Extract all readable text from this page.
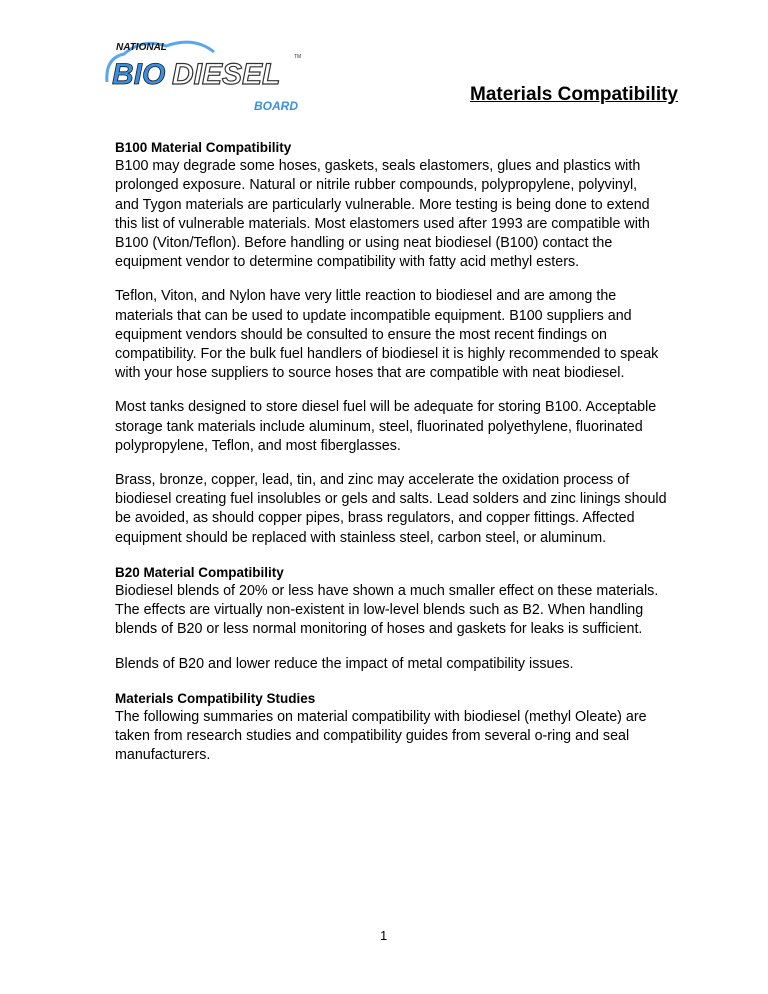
NATIONAL
BIO DIESEL
TM
BOARD
Materials Compatibility
B100 Material Compatibility
B100 may degrade some hoses, gaskets, seals elastomers, glues and plastics with
prolonged exposure. Natural or nitrile rubber compounds, polypropylene, polyvinyl,
and Tygon materials are particularly vulnerable. More testing is being done to extend
this list of vulnerable materials. Most elastomers used after 1993 are compatible with
B100 (Viton/Teflon). Before handling or using neat biodiesel (B100) contact the
equipment vendor to determine compatibility with fatty acid methyl esters.
Teflon, Viton, and Nylon have very little reaction to biodiesel and are among the
materials that can be used to update incompatible equipment. B100 suppliers and
equipment vendors should be consulted to ensure the most recent findings on
compatibility. For the bulk fuel handlers of biodiesel it is highly recommended to speak
with your hose suppliers to source hoses that are compatible with neat biodiesel.
Most tanks designed to store diesel fuel will be adequate for storing B100. Acceptable
storage tank materials include aluminum, steel, fluorinated polyethylene, fluorinated
polypropylene, Teflon, and most fiberglasses.
Brass, bronze, copper, lead, tin, and zinc may accelerate the oxidation process of
biodiesel creating fuel insolubles or gels and salts. Lead solders and zinc linings should
be avoided, as should copper pipes, brass regulators, and copper fittings. Affected
equipment should be replaced with stainless steel, carbon steel, or aluminum.
B20 Material Compatibility
Biodiesel blends of 20% or less have shown a much smaller effect on these materials.
The effects are virtually non-existent in low-level blends such as B2. When handling
blends of B20 or less normal monitoring of hoses and gaskets for leaks is sufficient.
Blends of B20 and lower reduce the impact of metal compatibility issues.
Materials Compatibility Studies
The following summaries on material compatibility with biodiesel (methyl Oleate) are
taken from research studies and compatibility guides from several o-ring and seal
manufacturers.
1
